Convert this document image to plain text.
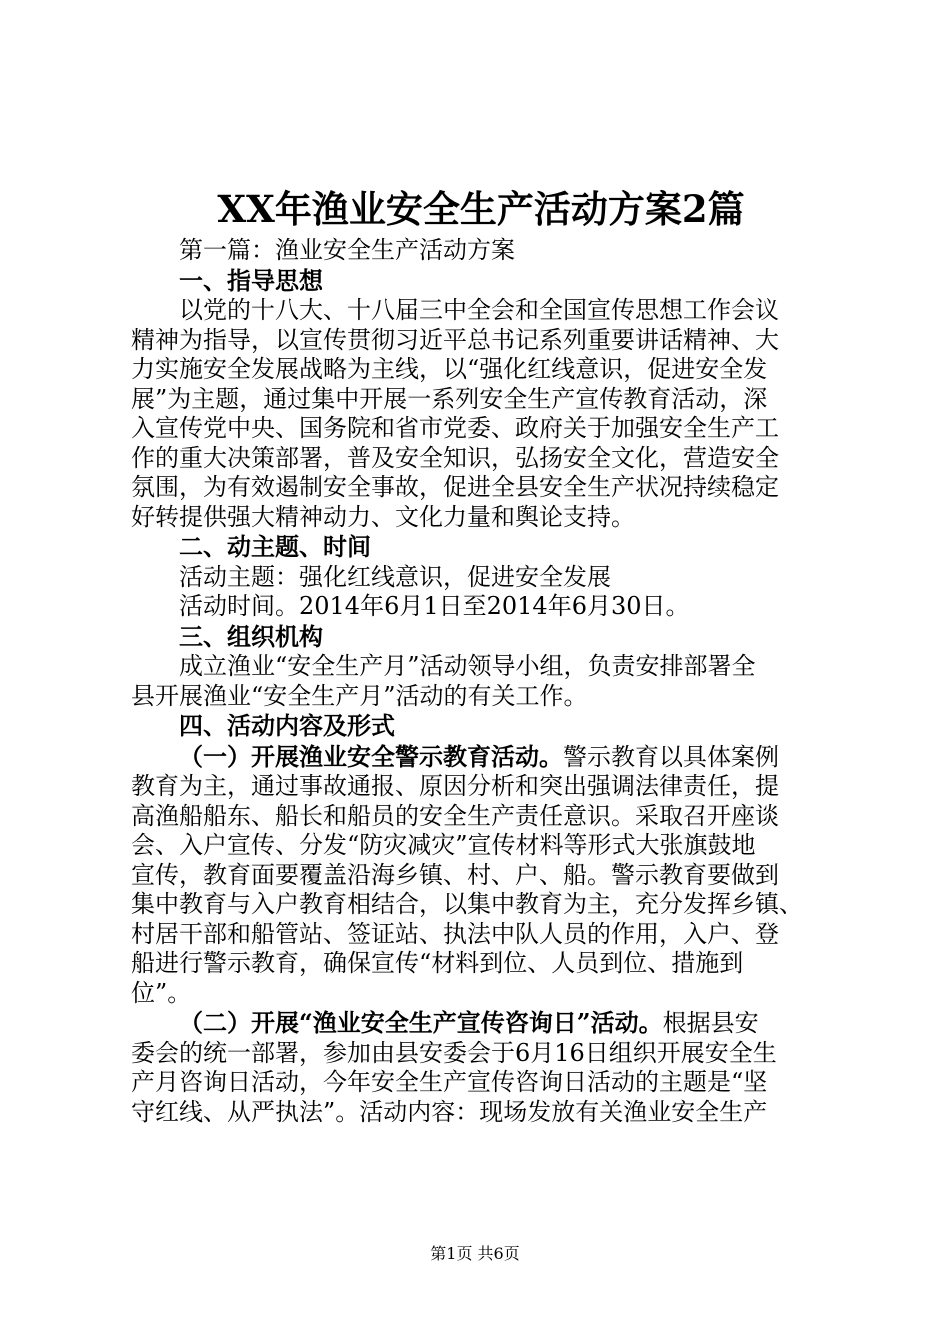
XX年渔业安全生产活动方案2篇
第一篇：渔业安全生产活动方案
一、指导思想
以党的十八大、十八届三中全会和全国宣传思想工作会议
精神为指导，以宣传贯彻习近平总书记系列重要讲话精神、大
力实施安全发展战略为主线，以“强化红线意识，促进安全发
展”为主题，通过集中开展一系列安全生产宣传教育活动，深
入宣传党中央、国务院和省市党委、政府关于加强安全生产工
作的重大决策部署，普及安全知识，弘扬安全文化，营造安全
氛围，为有效遏制安全事故，促进全县安全生产状况持续稳定
好转提供强大精神动力、文化力量和舆论支持。
二、动主题、时间
活动主题：强化红线意识，促进安全发展
活动时间。2014年6月1日至2014年6月30日。
三、组织机构
成立渔业“安全生产月”活动领导小组，负责安排部署全
县开展渔业“安全生产月”活动的有关工作。
四、活动内容及形式
（一）开展渔业安全警示教育活动。警示教育以具体案例
教育为主，通过事故通报、原因分析和突出强调法律责任，提
高渔船船东、船长和船员的安全生产责任意识。采取召开座谈
会、入户宣传、分发“防灾减灾”宣传材料等形式大张旗鼓地
宣传，教育面要覆盖沿海乡镇、村、户、船。警示教育要做到
集中教育与入户教育相结合，以集中教育为主，充分发挥乡镇、
村居干部和船管站、签证站、执法中队人员的作用，入户、登
船进行警示教育，确保宣传“材料到位、人员到位、措施到
位”。
（二）开展“渔业安全生产宣传咨询日”活动。根据县安
委会的统一部署，参加由县安委会于6月16日组织开展安全生
产月咨询日活动，今年安全生产宣传咨询日活动的主题是“坚
守红线、从严执法”。活动内容：现场发放有关渔业安全生产
第1页 共6页
